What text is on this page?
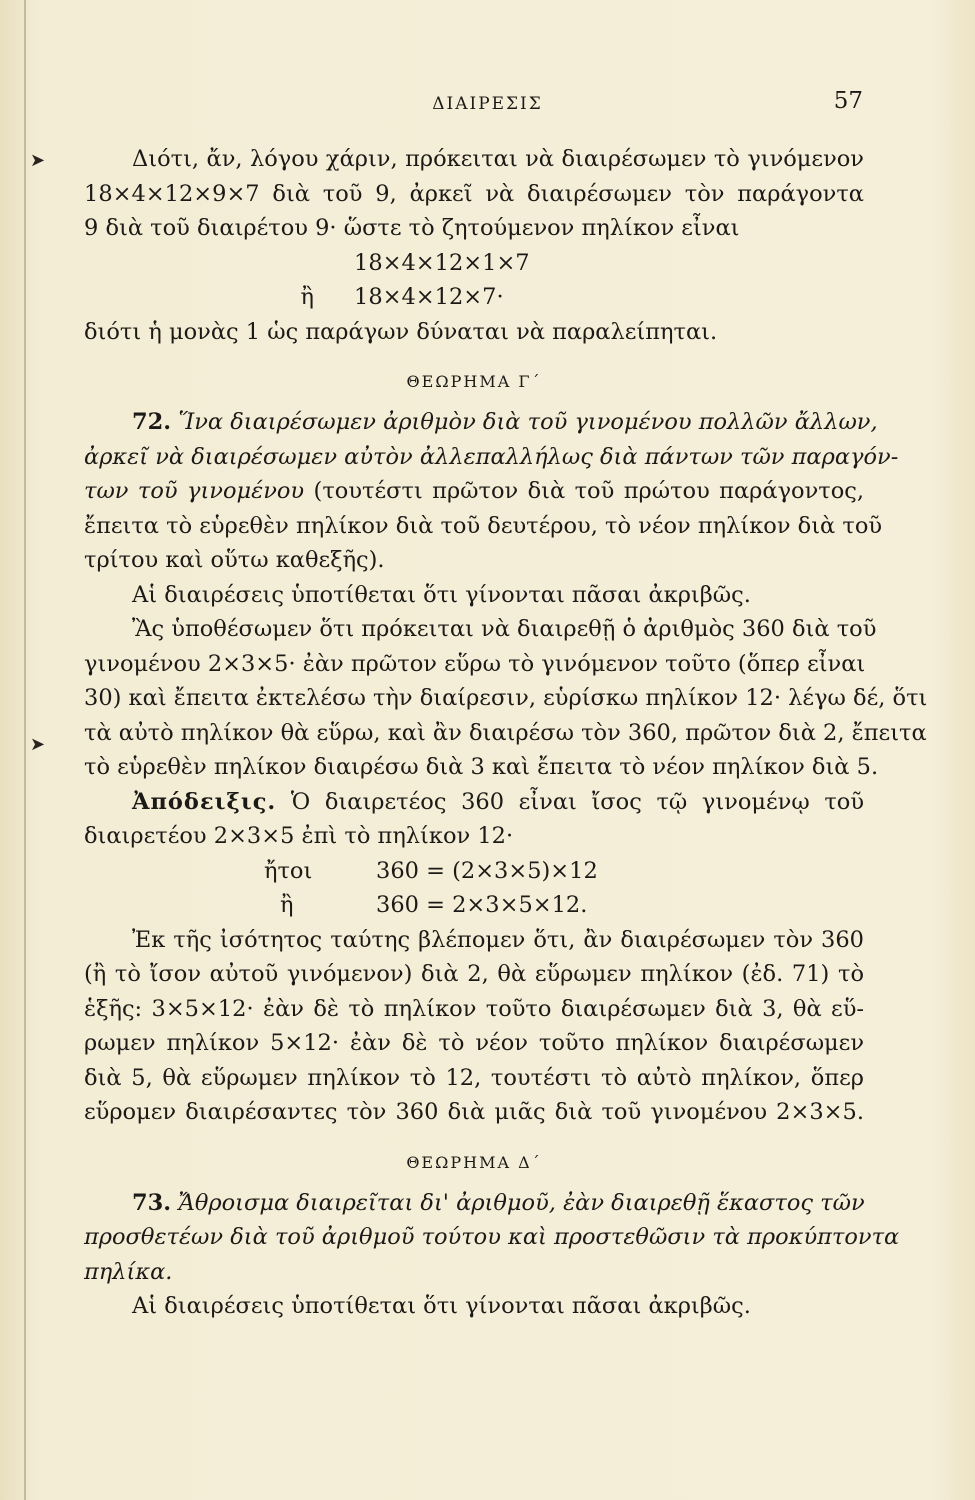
ΔΙΑΙΡΕΣΙΣ	57
➤
➤
Διότι, ἄν, λόγου χάριν, πρόκειται νὰ διαιρέσωμεν τὸ γινόμενον
18×4×12×9×7 διὰ τοῦ 9, ἀρκεῖ νὰ διαιρέσωμεν τὸν παράγοντα
9 διὰ τοῦ διαιρέτου 9· ὥστε τὸ ζητούμενον πηλίκον εἶναι
18×4×12×1×7
ἢ 18×4×12×7·
διότι ἡ μονὰς 1 ὡς παράγων δύναται νὰ παραλείπηται.
ΘΕΩΡΗΜΑ Γ΄
72. Ἵνα διαιρέσωμεν ἀριθμὸν διὰ τοῦ γινομένου πολλῶν ἄλλων,
ἀρκεῖ νὰ διαιρέσωμεν αὐτὸν ἀλλεπαλλήλως διὰ πάντων τῶν παραγόν-
των τοῦ γινομένου (τουτέστι πρῶτον διὰ τοῦ πρώτου παράγοντος,
ἔπειτα τὸ εὑρεθὲν πηλίκον διὰ τοῦ δευτέρου, τὸ νέον πηλίκον διὰ τοῦ
τρίτου καὶ οὕτω καθεξῆς).
Αἱ διαιρέσεις ὑποτίθεται ὅτι γίνονται πᾶσαι ἀκριβῶς.
Ἂς ὑποθέσωμεν ὅτι πρόκειται νὰ διαιρεθῇ ὁ ἀριθμὸς 360 διὰ τοῦ
γινομένου 2×3×5· ἐὰν πρῶτον εὕρω τὸ γινόμενον τοῦτο (ὅπερ εἶναι
30) καὶ ἔπειτα ἐκτελέσω τὴν διαίρεσιν, εὑρίσκω πηλίκον 12· λέγω δέ, ὅτι
τὰ αὐτὸ πηλίκον θὰ εὕρω, καὶ ἂν διαιρέσω τὸν 360, πρῶτον διὰ 2, ἔπειτα
τὸ εὑρεθὲν πηλίκον διαιρέσω διὰ 3 καὶ ἔπειτα τὸ νέον πηλίκον διὰ 5.
Ἀπόδειξις. Ὁ διαιρετέος 360 εἶναι ἴσος τῷ γινομένῳ τοῦ
διαιρετέου 2×3×5 ἐπὶ τὸ πηλίκον 12·
ἤτοι	360 = (2×3×5)×12
ἢ	360 = 2×3×5×12.
Ἐκ τῆς ἰσότητος ταύτης βλέπομεν ὅτι, ἂν διαιρέσωμεν τὸν 360
(ἢ τὸ ἴσον αὐτοῦ γινόμενον) διὰ 2, θὰ εὕρωμεν πηλίκον (ἐδ. 71) τὸ
ἑξῆς: 3×5×12· ἐὰν δὲ τὸ πηλίκον τοῦτο διαιρέσωμεν διὰ 3, θὰ εὕ-
ρωμεν πηλίκον 5×12· ἐὰν δὲ τὸ νέον τοῦτο πηλίκον διαιρέσωμεν
διὰ 5, θὰ εὕρωμεν πηλίκον τὸ 12, τουτέστι τὸ αὐτὸ πηλίκον, ὅπερ
εὕρομεν διαιρέσαντες τὸν 360 διὰ μιᾶς διὰ τοῦ γινομένου 2×3×5.
ΘΕΩΡΗΜΑ Δ΄
73. Ἄθροισμα διαιρεῖται δι' ἀριθμοῦ, ἐὰν διαιρεθῇ ἕκαστος τῶν
προσθετέων διὰ τοῦ ἀριθμοῦ τούτου καὶ προστεθῶσιν τὰ προκύπτοντα
πηλίκα.
Αἱ διαιρέσεις ὑποτίθεται ὅτι γίνονται πᾶσαι ἀκριβῶς.
